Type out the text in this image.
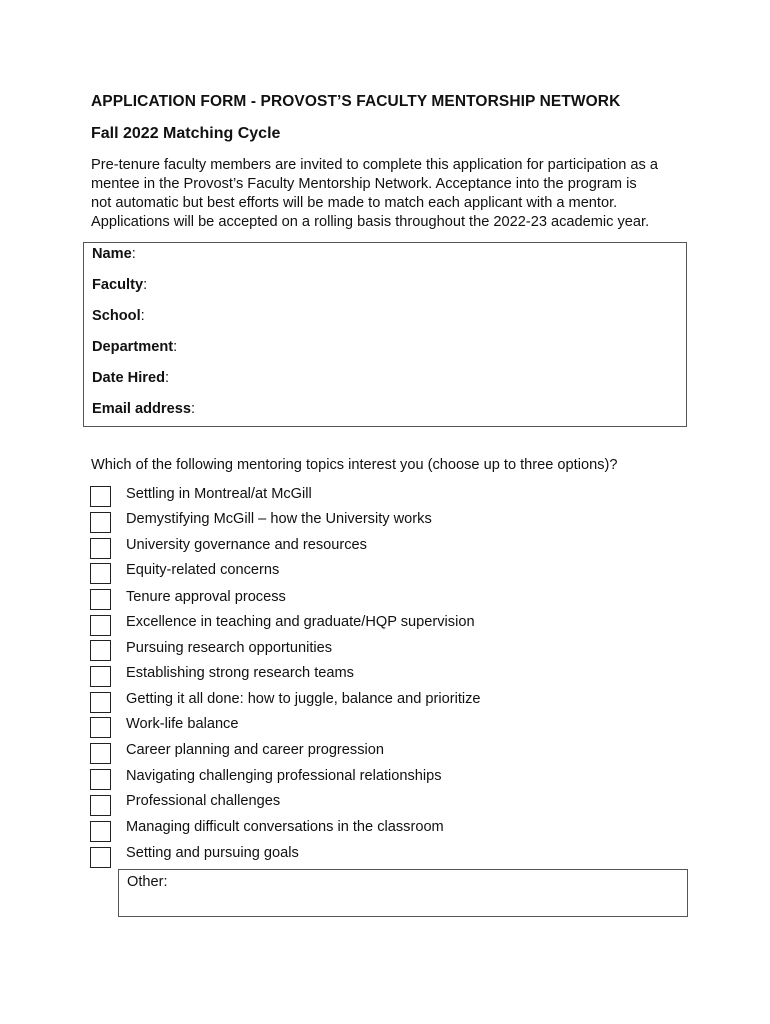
APPLICATION FORM - PROVOST’S FACULTY MENTORSHIP NETWORK
Fall 2022 Matching Cycle
Pre-tenure faculty members are invited to complete this application for participation as a
mentee in the Provost’s Faculty Mentorship Network. Acceptance into the program is
not automatic but best efforts will be made to match each applicant with a mentor.
Applications will be accepted on a rolling basis throughout the 2022-23 academic year.
Name:
Faculty:
School:
Department:
Date Hired:
Email address:
Which of the following mentoring topics interest you (choose up to three options)?
Settling in Montreal/at McGill
Demystifying McGill – how the University works
University governance and resources
Equity-related concerns
Tenure approval process
Excellence in teaching and graduate/HQP supervision
Pursuing research opportunities
Establishing strong research teams
Getting it all done: how to juggle, balance and prioritize
Work-life balance
Career planning and career progression
Navigating challenging professional relationships
Professional challenges
Managing difficult conversations in the classroom
Setting and pursuing goals
Other:
